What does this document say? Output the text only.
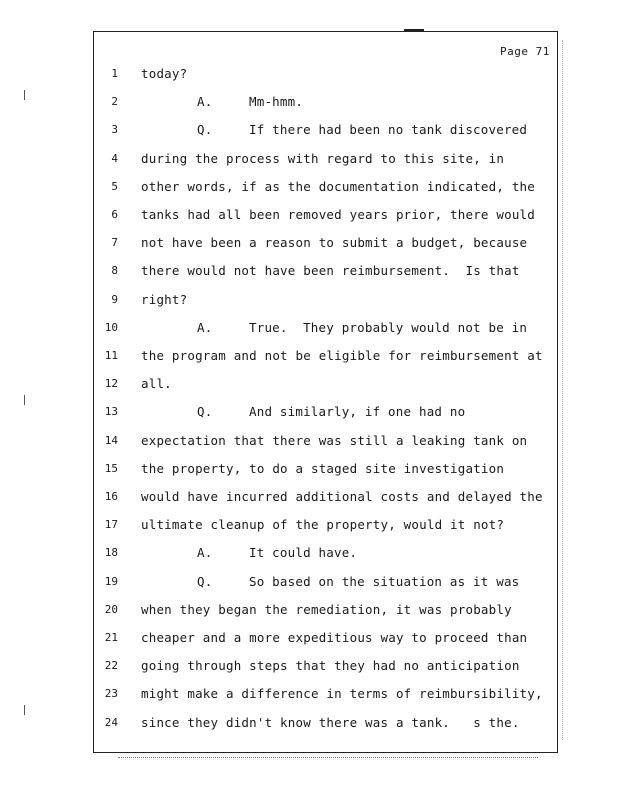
Page 71
1 today?
2	A.	Mm-hmm.
3	Q.	If there had been no tank discovered
4 during the process with regard to this site, in
5 other words, if as the documentation indicated, the
6 tanks had all been removed years prior, there would
7 not have been a reason to submit a budget, because
8 there would not have been reimbursement.  Is that
9 right?
10	A.	True.  They probably would not be in
11 the program and not be eligible for reimbursement at
12 all.
13	Q.	And similarly, if one had no
14 expectation that there was still a leaking tank on
15 the property, to do a staged site investigation
16 would have incurred additional costs and delayed the
17 ultimate cleanup of the property, would it not?
18	A.	It could have.
19	Q.	So based on the situation as it was
20 when they began the remediation, it was probably
21 cheaper and a more expeditious way to proceed than
22 going through steps that they had no anticipation
23 might make a difference in terms of reimbursibility,
24 since they didn't know there was a tank.   s the.
